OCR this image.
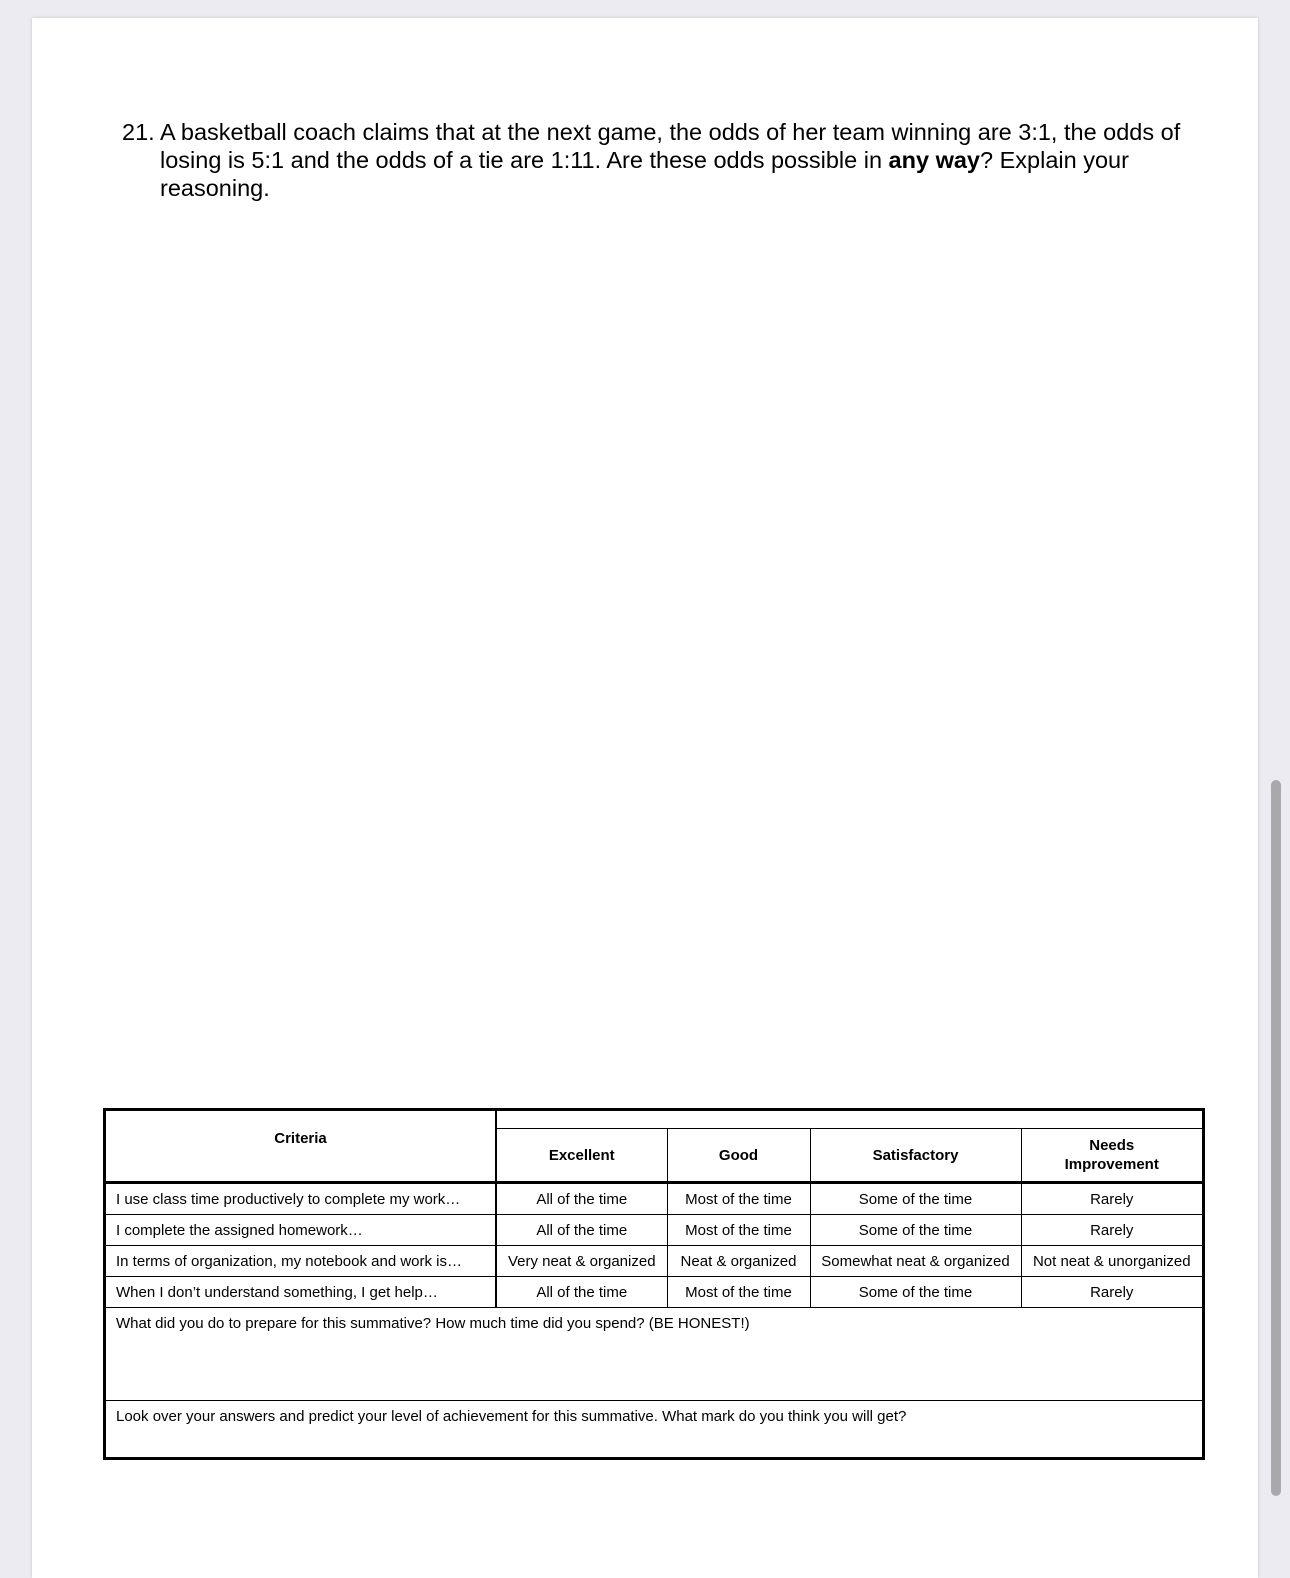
21. A basketball coach claims that at the next game, the odds of her team winning are 3:1, the odds of losing is 5:1 and the odds of a tie are 1:11. Are these odds possible in any way? Explain your reasoning.
Criteria				
	Excellent	Good	Satisfactory	Needs Improvement
I use class time productively to complete my work…	All of the time	Most of the time	Some of the time	Rarely
I complete the assigned homework…	All of the time	Most of the time	Some of the time	Rarely
In terms of organization, my notebook and work is…	Very neat & organized	Neat & organized	Somewhat neat & organized	Not neat & unorganized
When I don’t understand something, I get help…	All of the time	Most of the time	Some of the time	Rarely
What did you do to prepare for this summative? How much time did you spend? (BE HONEST!)				
Look over your answers and predict your level of achievement for this summative. What mark do you think you will get?				
